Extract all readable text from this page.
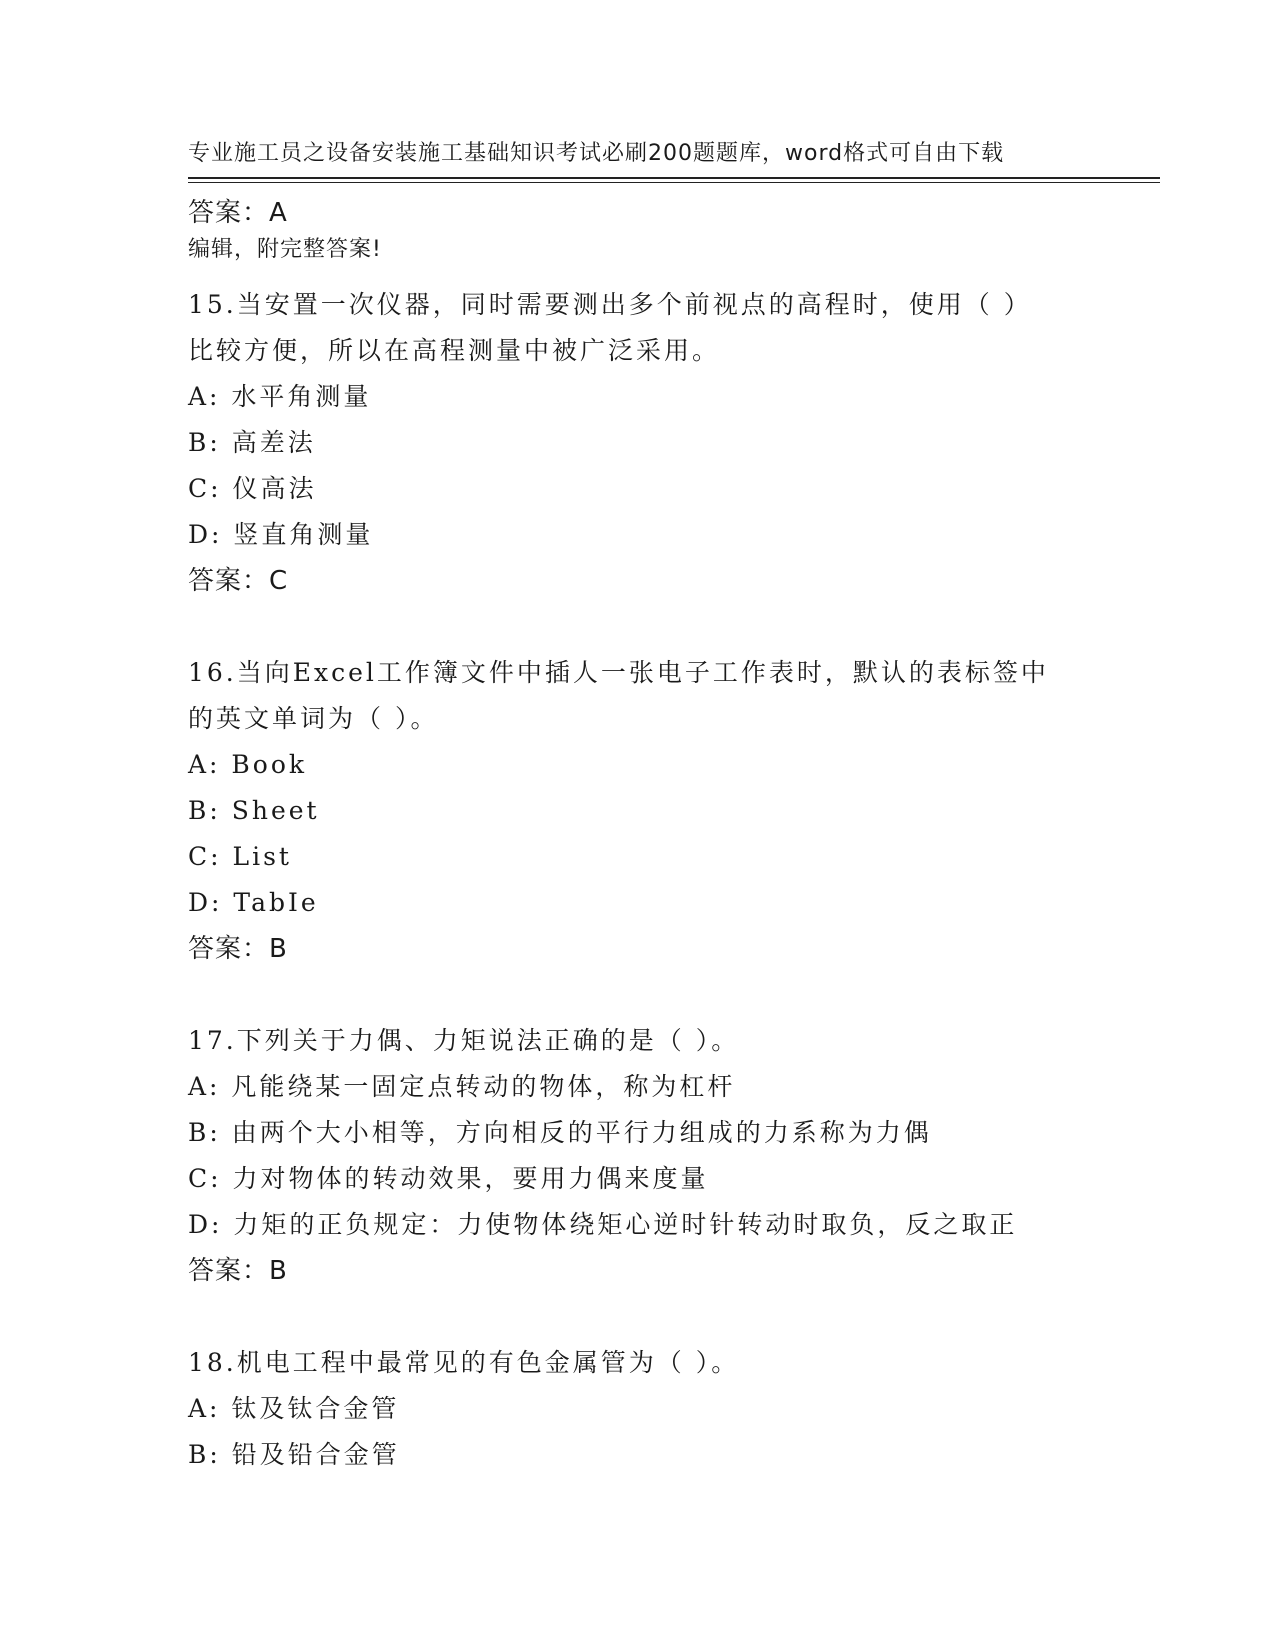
专业施工员之设备安装施工基础知识考试必刷200题题库，word格式可自由下载

编辑，附完整答案!

答案：A

15.当安置一次仪器，同时需要测出多个前视点的高程时，使用（ ）

比较方便，所以在高程测量中被广泛采用。

A: 水平角测量

B: 高差法

C: 仪高法

D: 竖直角测量

答案：C

16.当向Excel工作簿文件中插人一张电子工作表时，默认的表标签中

的英文单词为（ ）。

A: Book

B: Sheet

C: List

D: TabIe

答案：B

17.下列关于力偶、力矩说法正确的是（ ）。

A: 凡能绕某一固定点转动的物体，称为杠杆

B: 由两个大小相等，方向相反的平行力组成的力系称为力偶

C: 力对物体的转动效果，要用力偶来度量

D: 力矩的正负规定：力使物体绕矩心逆时针转动时取负，反之取正

答案：B

18.机电工程中最常见的有色金属管为（ ）。

A: 钛及钛合金管

B: 铅及铅合金管
